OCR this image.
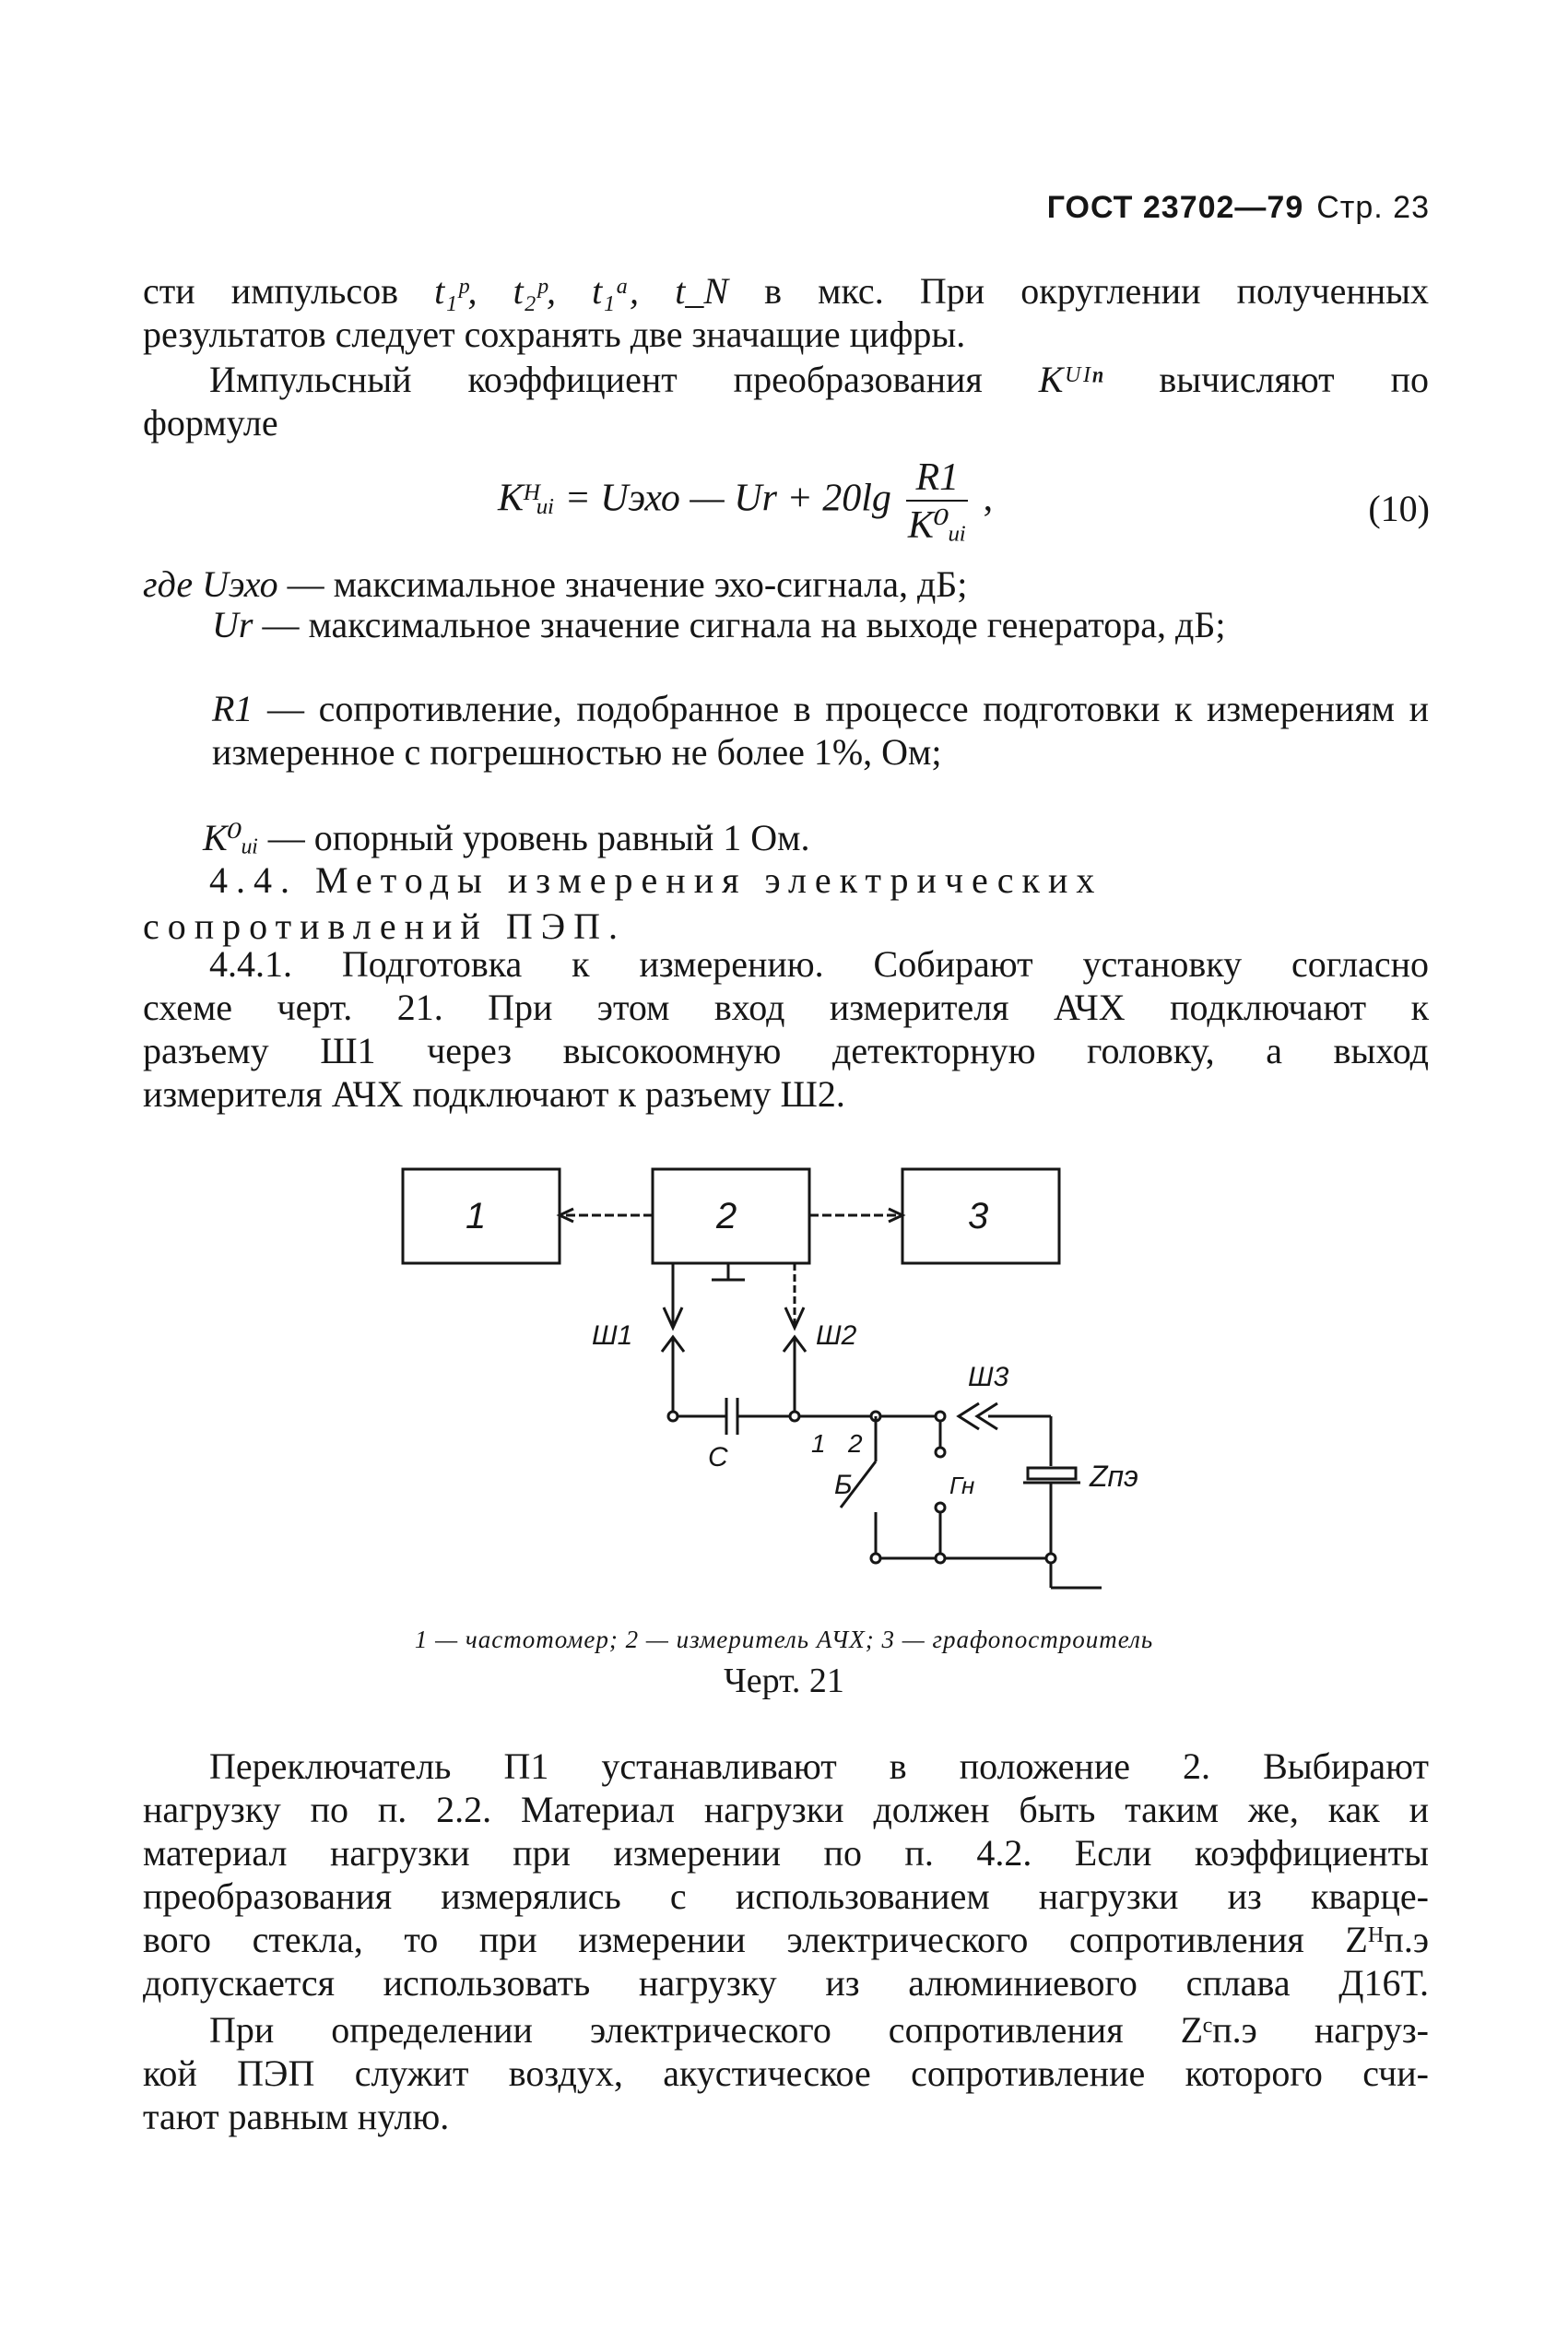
ГОСТ 23702—79 Стр. 23
сти импульсов t₁ᵖ, t₂ᵖ, t₁ᵃ, t_N в мкс. При округлении полученных
результатов следует сохранять две значащие цифры.
Импульсный коэффициент преобразования Kᵁᴵⁿ вычисляют по
формуле
Kᴴᵤᵢ = Uэхо — $Ur + 20\lg \frac{R1}{\text{K⁰ᵤᵢ}}$ ,	(10)
где Uэхо — максимальное значение эхо-сигнала, дБ;
Ur — максимальное значение сигнала на выходе генератора, дБ;
R1 — сопротивление, подобранное в процессе подготовки к измерениям и измеренное с погрешностью не более 1%, Ом;
K⁰ᵤᵢ — опорный уровень равный 1 Ом.
4.4. Методы измерения электрических сопротивлений ПЭП.
4.4.1. Подготовка к измерению. Собирают установку согласно
схеме черт. 21. При этом вход измерителя АЧХ подключают к
разъему Ш1 через высокоомную детекторную головку, а выход
измерителя АЧХ подключают к разъему Ш2.
1	2	3
Ш1	Ш2
Ш3
C	1 2
Б	Гн	Zпэ
1 — частотомер; 2 — измеритель АЧХ; 3 — графопостроитель
Черт. 21
Переключатель П1 устанавливают в положение 2. Выбирают
нагрузку по п. 2.2. Материал нагрузки должен быть таким же, как и
материал нагрузки при измерении по п. 4.2. Если коэффициенты
преобразования измерялись с использованием нагрузки из кварце-
вого стекла, то при измерении электрического сопротивления Zᴴп.э
допускается использовать нагрузку из алюминиевого сплава Д16Т.
При определении электрического сопротивления Zᶜп.э нагруз-
кой ПЭП служит воздух, акустическое сопротивление которого счи-
тают равным нулю.
